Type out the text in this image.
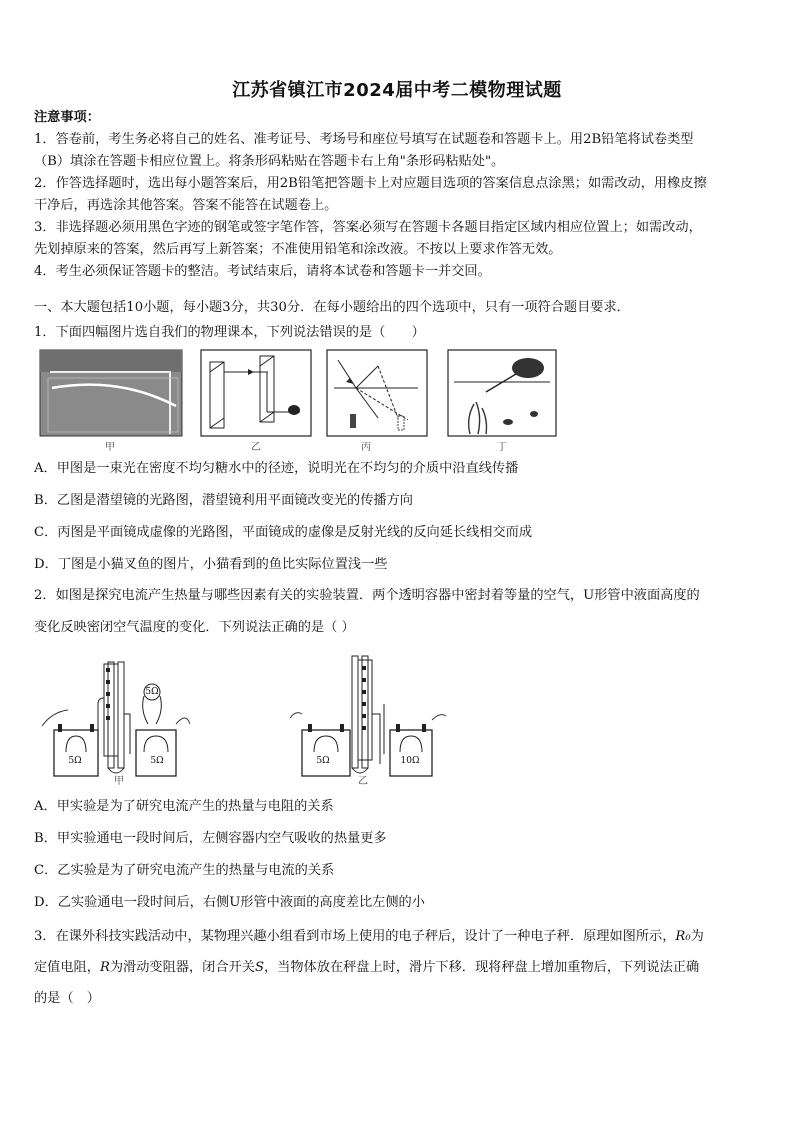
江苏省镇江市2024届中考二模物理试题
注意事项：
1．答卷前，考生务必将自己的姓名、准考证号、考场号和座位号填写在试题卷和答题卡上。用2B铅笔将试卷类型
（B）填涂在答题卡相应位置上。将条形码粘贴在答题卡右上角"条形码粘贴处"。
2．作答选择题时，选出每小题答案后，用2B铅笔把答题卡上对应题目选项的答案信息点涂黑；如需改动，用橡皮擦
干净后，再选涂其他答案。答案不能答在试题卷上。
3．非选择题必须用黑色字迹的钢笔或签字笔作答，答案必须写在答题卡各题目指定区域内相应位置上；如需改动，
先划掉原来的答案，然后再写上新答案；不准使用铅笔和涂改液。不按以上要求作答无效。
4．考生必须保证答题卡的整洁。考试结束后，请将本试卷和答题卡一并交回。
一、本大题包括10小题，每小题3分，共30分．在每小题给出的四个选项中，只有一项符合题目要求．
1．下面四幅图片选自我们的物理课本，下列说法错误的是（　　）
甲	乙	丙	丁
A．甲图是一束光在密度不均匀糖水中的径迹，说明光在不均匀的介质中沿直线传播
B．乙图是潜望镜的光路图，潜望镜利用平面镜改变光的传播方向
C．丙图是平面镜成虚像的光路图，平面镜成的虚像是反射光线的反向延长线相交而成
D．丁图是小猫叉鱼的图片，小猫看到的鱼比实际位置浅一些
2．如图是探究电流产生热量与哪些因素有关的实验装置．两个透明容器中密封着等量的空气，U形管中液面高度的
变化反映密闭空气温度的变化．下列说法正确的是（ ）
5Ω	5Ω
5Ω
5Ω	10Ω
甲	乙
A．甲实验是为了研究电流产生的热量与电阻的关系
B．甲实验通电一段时间后，左侧容器内空气吸收的热量更多
C．乙实验是为了研究电流产生的热量与电流的关系
D．乙实验通电一段时间后，右侧U形管中液面的高度差比左侧的小
3．在课外科技实践活动中，某物理兴趣小组看到市场上使用的电子秤后，设计了一种电子秤．原理如图所示，R₀为
定值电阻，R为滑动变阻器，闭合开关S，当物体放在秤盘上时，滑片下移．现将秤盘上增加重物后，下列说法正确
的是（　）
